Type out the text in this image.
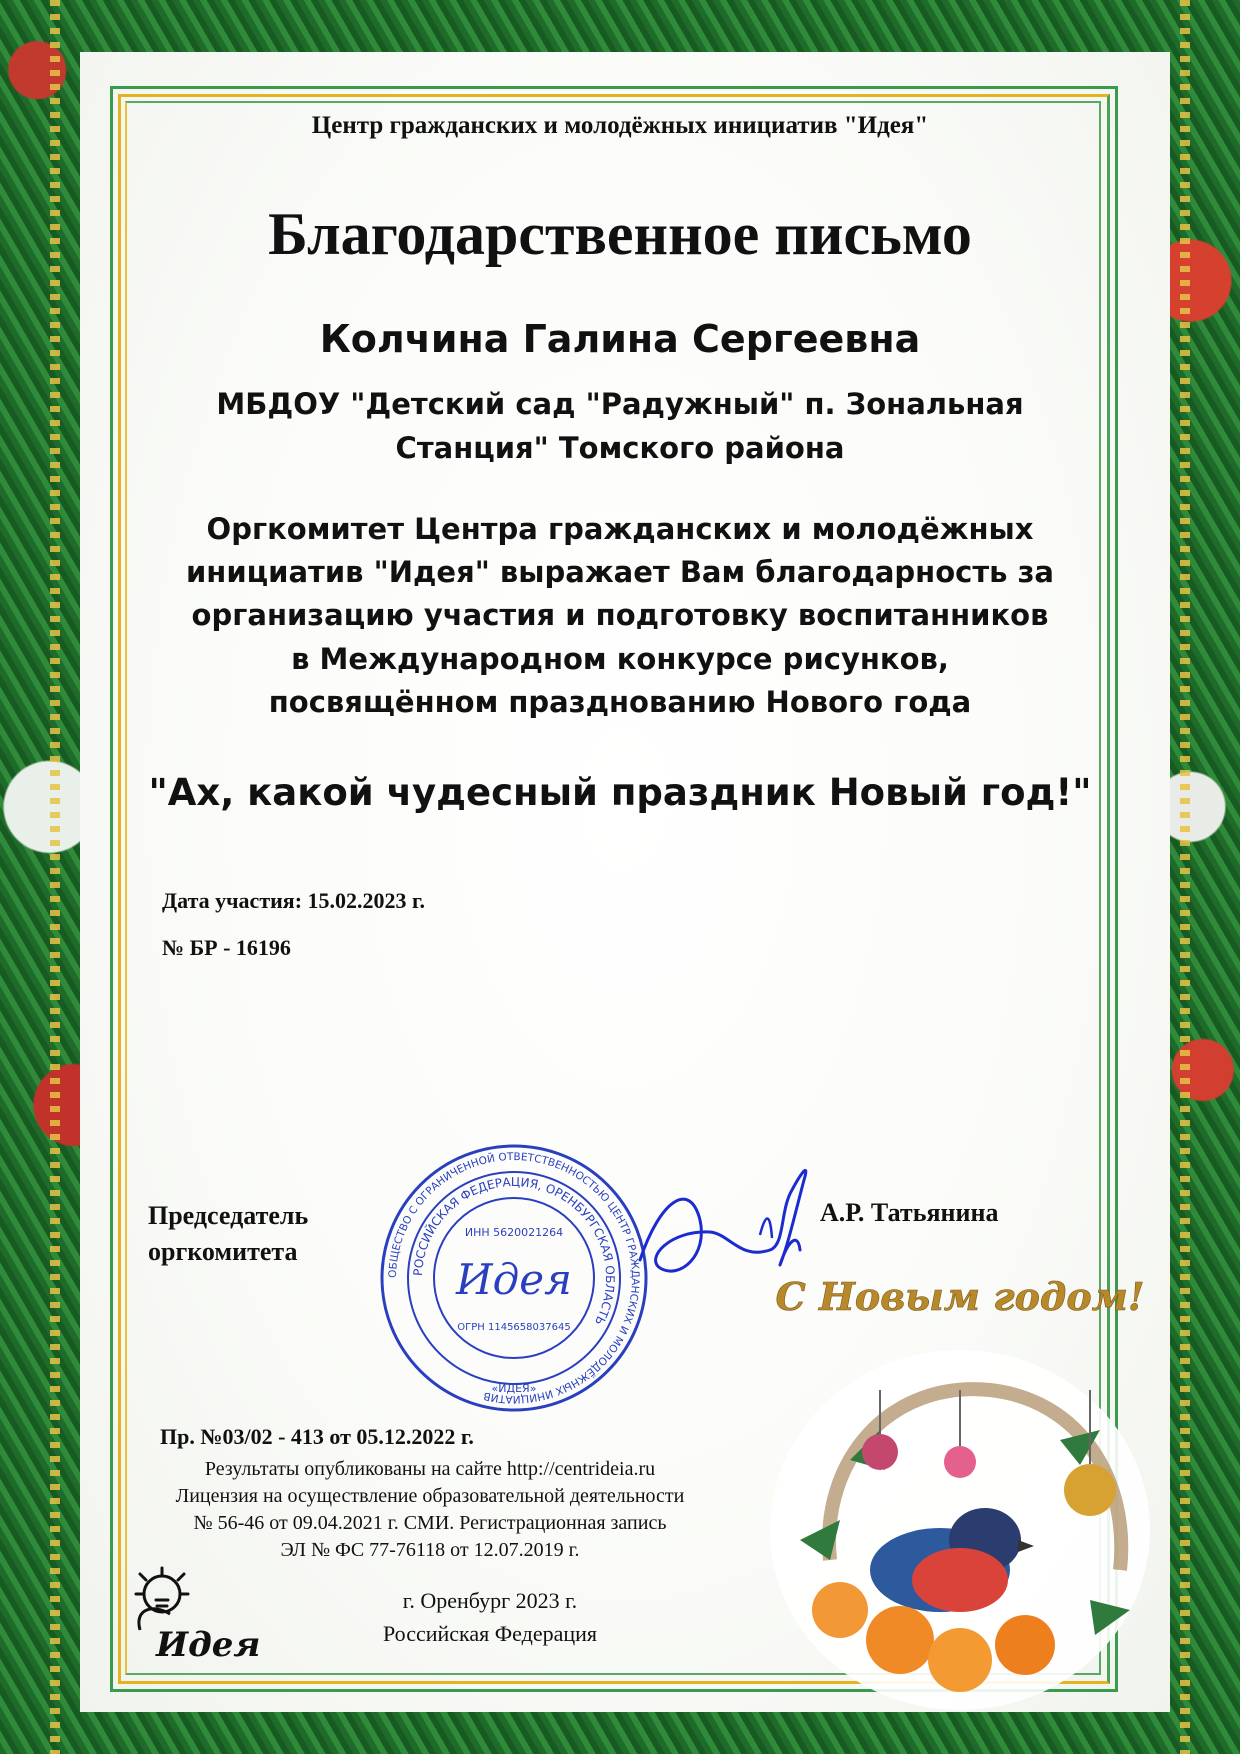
Центр гражданских и молодёжных инициатив "Идея"
Благодарственное письмо
Колчина Галина Сергеевна
МБДОУ "Детский сад "Радужный" п. Зональная
Станция" Томского района
Оргкомитет Центра гражданских и молодёжных
инициатив "Идея" выражает Вам благодарность за
организацию участия и подготовку воспитанников
в Международном конкурсе рисунков,
посвящённом празднованию Нового года
"Ах, какой чудесный праздник Новый год!"
Дата участия: 15.02.2023 г.
№ БР - 16196
Председатель
оргкомитета
А.Р. Татьянина
ОБЩЕСТВО С ОГРАНИЧЕННОЙ ОТВЕТСТВЕННОСТЬЮ ЦЕНТР ГРАЖДАНСКИХ И МОЛОДЁЖНЫХ ИНИЦИАТИВ
РОССИЙСКАЯ ФЕДЕРАЦИЯ, ОРЕНБУРГСКАЯ ОБЛАСТЬ
ИНН 5620021264
Идея
ОГРН 1145658037645
«ИДЕЯ»
Пр. №03/02 - 413 от 05.12.2022 г.
Результаты опубликованы на сайте http://centrideia.ru
Лицензия на осуществление образовательной деятельности
№ 56-46 от 09.04.2021 г. СМИ. Регистрационная запись
ЭЛ № ФС 77-76118 от 12.07.2019 г.
г. Оренбург 2023 г.
Российская Федерация
Идея
С Новым годом!
